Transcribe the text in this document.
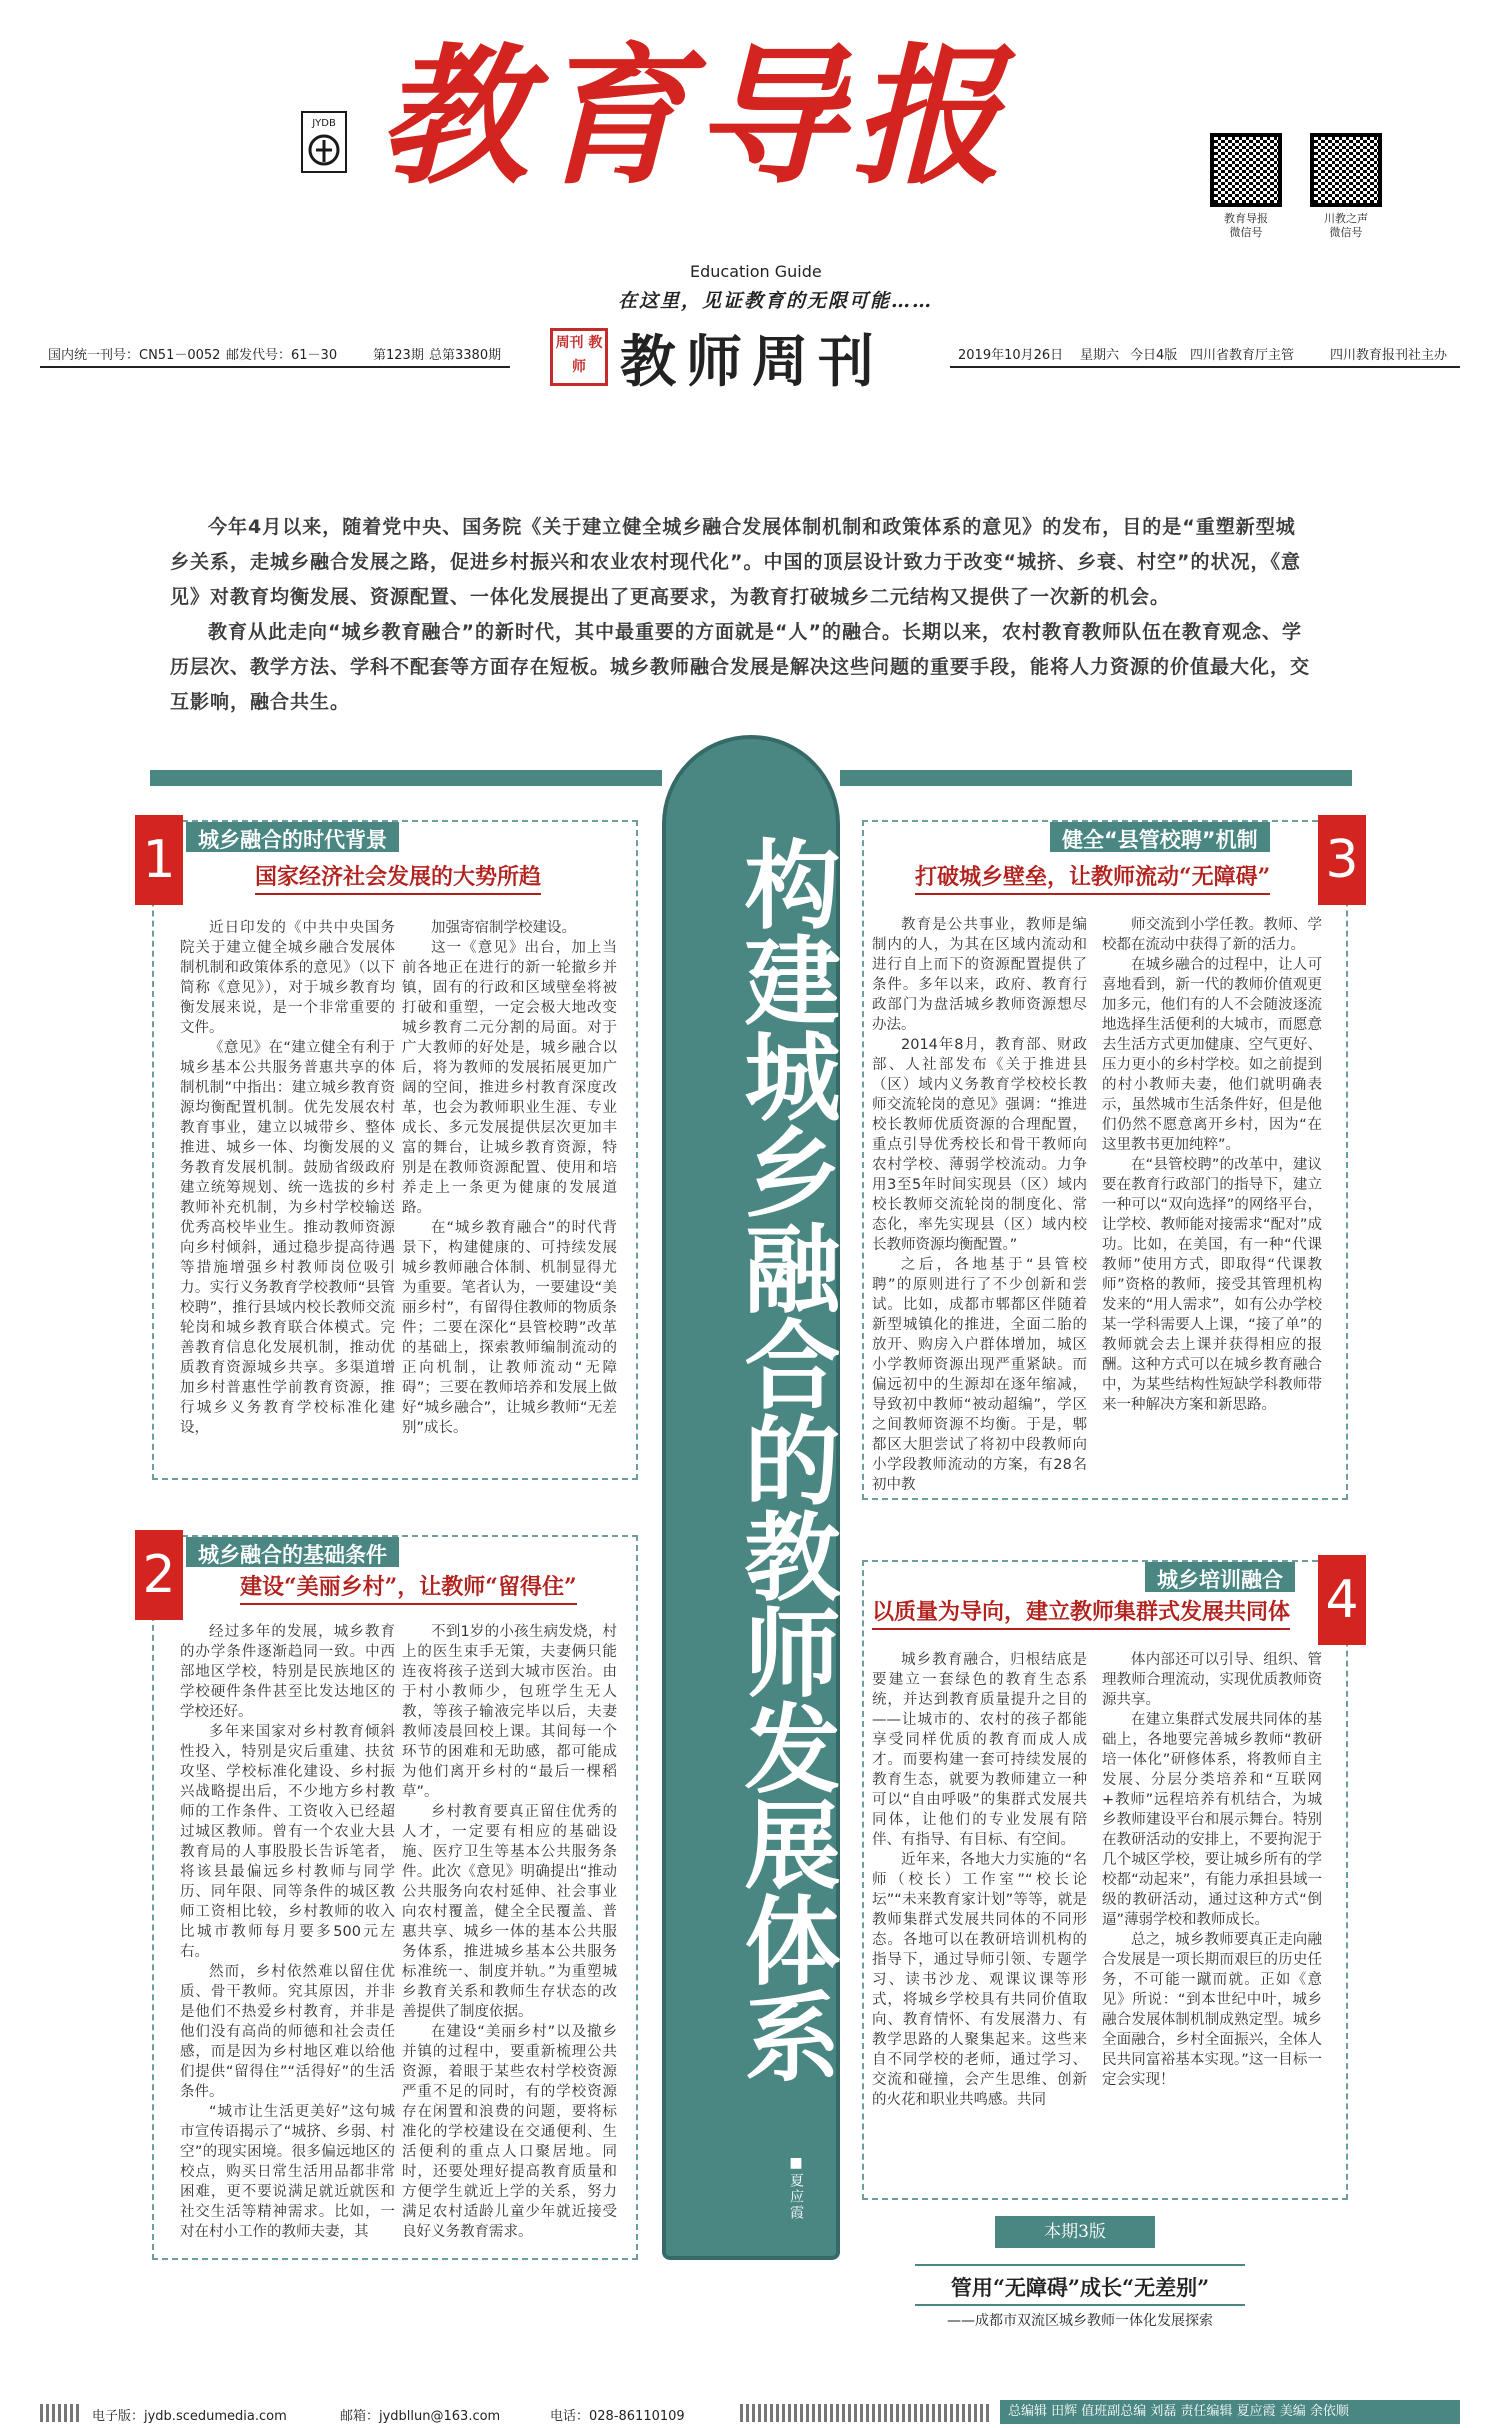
JYDB 教育导报
教育导报
微信号
川教之声
微信号
Education Guide
在这里，见证教育的无限可能……
国内统一刊号：CN51－0052 邮发代号：61－30	第123期 总第3380期	2019年10月26日 星期六 今日4版 四川省教育厅主管	四川教育报刊社主办
周刊 教师 教师周刊

今年4月以来，随着党中央、国务院《关于建立健全城乡融合发展体制机制和政策体系的意见》的发布，目的是“重塑新型城乡关系，走城乡融合发展之路，促进乡村振兴和农业农村现代化”。中国的顶层设计致力于改变“城挤、乡衰、村空”的状况，《意见》对教育均衡发展、资源配置、一体化发展提出了更高要求，为教育打破城乡二元结构又提供了一次新的机会。

教育从此走向“城乡教育融合”的新时代，其中最重要的方面就是“人”的融合。长期以来，农村教育教师队伍在教育观念、学历层次、教学方法、学科不配套等方面存在短板。城乡教师融合发展是解决这些问题的重要手段，能将人力资源的价值最大化，交互影响，融合共生。

构建城乡融合的教师发展体系
■夏应霞
1	城乡融合的时代背景
国家经济社会发展的大势所趋

近日印发的《中共中央国务院关于建立健全城乡融合发展体制机制和政策体系的意见》（以下简称《意见》），对于城乡教育均衡发展来说，是一个非常重要的文件。

《意见》在“建立健全有利于城乡基本公共服务普惠共享的体制机制”中指出：建立城乡教育资源均衡配置机制。优先发展农村教育事业，建立以城带乡、整体推进、城乡一体、均衡发展的义务教育发展机制。鼓励省级政府建立统筹规划、统一选拔的乡村教师补充机制，为乡村学校输送优秀高校毕业生。推动教师资源向乡村倾斜，通过稳步提高待遇等措施增强乡村教师岗位吸引力。实行义务教育学校教师“县管校聘”，推行县域内校长教师交流轮岗和城乡教育联合体模式。完善教育信息化发展机制，推动优质教育资源城乡共享。多渠道增加乡村普惠性学前教育资源，推行城乡义务教育学校标准化建设，

加强寄宿制学校建设。

这一《意见》出台，加上当前各地正在进行的新一轮撤乡并镇，固有的行政和区域壁垒将被打破和重塑，一定会极大地改变城乡教育二元分割的局面。对于广大教师的好处是，城乡融合以后，将为教师的发展拓展更加广阔的空间，推进乡村教育深度改革，也会为教师职业生涯、专业成长、多元发展提供层次更加丰富的舞台，让城乡教育资源，特别是在教师资源配置、使用和培养走上一条更为健康的发展道路。

在“城乡教育融合”的时代背景下，构建健康的、可持续发展城乡教师融合体制、机制显得尤为重要。笔者认为，一要建设“美丽乡村”，有留得住教师的物质条件；二要在深化“县管校聘”改革的基础上，探索教师编制流动的正向机制，让教师流动“无障碍”；三要在教师培养和发展上做好“城乡融合”，让城乡教师“无差别”成长。

2	城乡融合的基础条件
建设“美丽乡村”，让教师“留得住”

经过多年的发展，城乡教育的办学条件逐渐趋同一致。中西部地区学校，特别是民族地区的学校硬件条件甚至比发达地区的学校还好。

多年来国家对乡村教育倾斜性投入，特别是灾后重建、扶贫攻坚、学校标准化建设、乡村振兴战略提出后，不少地方乡村教师的工作条件、工资收入已经超过城区教师。曾有一个农业大县教育局的人事股股长告诉笔者，将该县最偏远乡村教师与同学历、同年限、同等条件的城区教师工资相比较，乡村教师的收入比城市教师每月要多500元左右。

然而，乡村依然难以留住优质、骨干教师。究其原因，并非是他们不热爱乡村教育，并非是他们没有高尚的师德和社会责任感，而是因为乡村地区难以给他们提供“留得住”“活得好”的生活条件。

“城市让生活更美好”这句城市宣传语揭示了“城挤、乡弱、村空”的现实困境。很多偏远地区的校点，购买日常生活用品都非常困难，更不要说满足就近就医和社交生活等精神需求。比如，一对在村小工作的教师夫妻，其

不到1岁的小孩生病发烧，村上的医生束手无策，夫妻俩只能连夜将孩子送到大城市医治。由于村小教师少，包班学生无人教，等孩子输液完毕以后，夫妻教师凌晨回校上课。其间每一个环节的困难和无助感，都可能成为他们离开乡村的“最后一棵稻草”。

乡村教育要真正留住优秀的人才，一定要有相应的基础设施、医疗卫生等基本公共服务条件。此次《意见》明确提出“推动公共服务向农村延伸、社会事业向农村覆盖，健全全民覆盖、普惠共享、城乡一体的基本公共服务体系，推进城乡基本公共服务标准统一、制度并轨。”为重塑城乡教育关系和教师生存状态的改善提供了制度依据。

在建设“美丽乡村”以及撤乡并镇的过程中，要重新梳理公共资源，着眼于某些农村学校资源严重不足的同时，有的学校资源存在闲置和浪费的问题，要将标准化的学校建设在交通便利、生活便利的重点人口聚居地。同时，还要处理好提高教育质量和方便学生就近上学的关系，努力满足农村适龄儿童少年就近接受良好义务教育需求。

3
健全“县管校聘”机制
打破城乡壁垒，让教师流动“无障碍”

教育是公共事业，教师是编制内的人，为其在区域内流动和进行自上而下的资源配置提供了条件。多年以来，政府、教育行政部门为盘活城乡教师资源想尽办法。

2014年8月，教育部、财政部、人社部发布《关于推进县（区）域内义务教育学校校长教师交流轮岗的意见》强调：“推进校长教师优质资源的合理配置，重点引导优秀校长和骨干教师向农村学校、薄弱学校流动。力争用3至5年时间实现县（区）域内校长教师交流轮岗的制度化、常态化，率先实现县（区）域内校长教师资源均衡配置。”

之后，各地基于“县管校聘”的原则进行了不少创新和尝试。比如，成都市郫都区伴随着新型城镇化的推进，全面二胎的放开、购房入户群体增加，城区小学教师资源出现严重紧缺。而偏远初中的生源却在逐年缩减，导致初中教师“被动超编”，学区之间教师资源不均衡。于是，郫都区大胆尝试了将初中段教师向小学段教师流动的方案，有28名初中教

师交流到小学任教。教师、学校都在流动中获得了新的活力。

在城乡融合的过程中，让人可喜地看到，新一代的教师价值观更加多元，他们有的人不会随波逐流地选择生活便利的大城市，而愿意去生活方式更加健康、空气更好、压力更小的乡村学校。如之前提到的村小教师夫妻，他们就明确表示，虽然城市生活条件好，但是他们仍然不愿意离开乡村，因为“在这里教书更加纯粹”。

在“县管校聘”的改革中，建议要在教育行政部门的指导下，建立一种可以“双向选择”的网络平台，让学校、教师能对接需求“配对”成功。比如，在美国，有一种“代课教师”使用方式，即取得“代课教师”资格的教师，接受其管理机构发来的“用人需求”，如有公办学校某一学科需要人上课，“接了单”的教师就会去上课并获得相应的报酬。这种方式可以在城乡教育融合中，为某些结构性短缺学科教师带来一种解决方案和新思路。

4
城乡培训融合
以质量为导向，建立教师集群式发展共同体

城乡教育融合，归根结底是要建立一套绿色的教育生态系统，并达到教育质量提升之目的——让城市的、农村的孩子都能享受同样优质的教育而成人成才。而要构建一套可持续发展的教育生态，就要为教师建立一种可以“自由呼吸”的集群式发展共同体，让他们的专业发展有陪伴、有指导、有目标、有空间。

近年来，各地大力实施的“名师（校长）工作室”“校长论坛”“未来教育家计划”等等，就是教师集群式发展共同体的不同形态。各地可以在教研培训机构的指导下，通过导师引领、专题学习、读书沙龙、观课议课等形式，将城乡学校具有共同价值取向、教育情怀、有发展潜力、有教学思路的人聚集起来。这些来自不同学校的老师，通过学习、交流和碰撞，会产生思维、创新的火花和职业共鸣感。共同

体内部还可以引导、组织、管理教师合理流动，实现优质教师资源共享。

在建立集群式发展共同体的基础上，各地要完善城乡教师“教研培一体化”研修体系，将教师自主发展、分层分类培养和“互联网+教师”远程培养有机结合，为城乡教师建设平台和展示舞台。特别在教研活动的安排上，不要拘泥于几个城区学校，要让城乡所有的学校都“动起来”，有能力承担县域一级的教研活动，通过这种方式“倒逼”薄弱学校和教师成长。

总之，城乡教师要真正走向融合发展是一项长期而艰巨的历史任务，不可能一蹴而就。正如《意见》所说：“到本世纪中叶，城乡融合发展体制机制成熟定型。城乡全面融合，乡村全面振兴，全体人民共同富裕基本实现。”这一目标一定会实现！

本期3版
管用“无障碍”成长“无差别”
——成都市双流区城乡教师一体化发展探索
电子版：jydb.scedumedia.com	邮箱：jydbllun@163.com	电话：028-86110109	总编辑 田辉 值班副总编 刘磊 责任编辑 夏应霞 美编 余依顺
